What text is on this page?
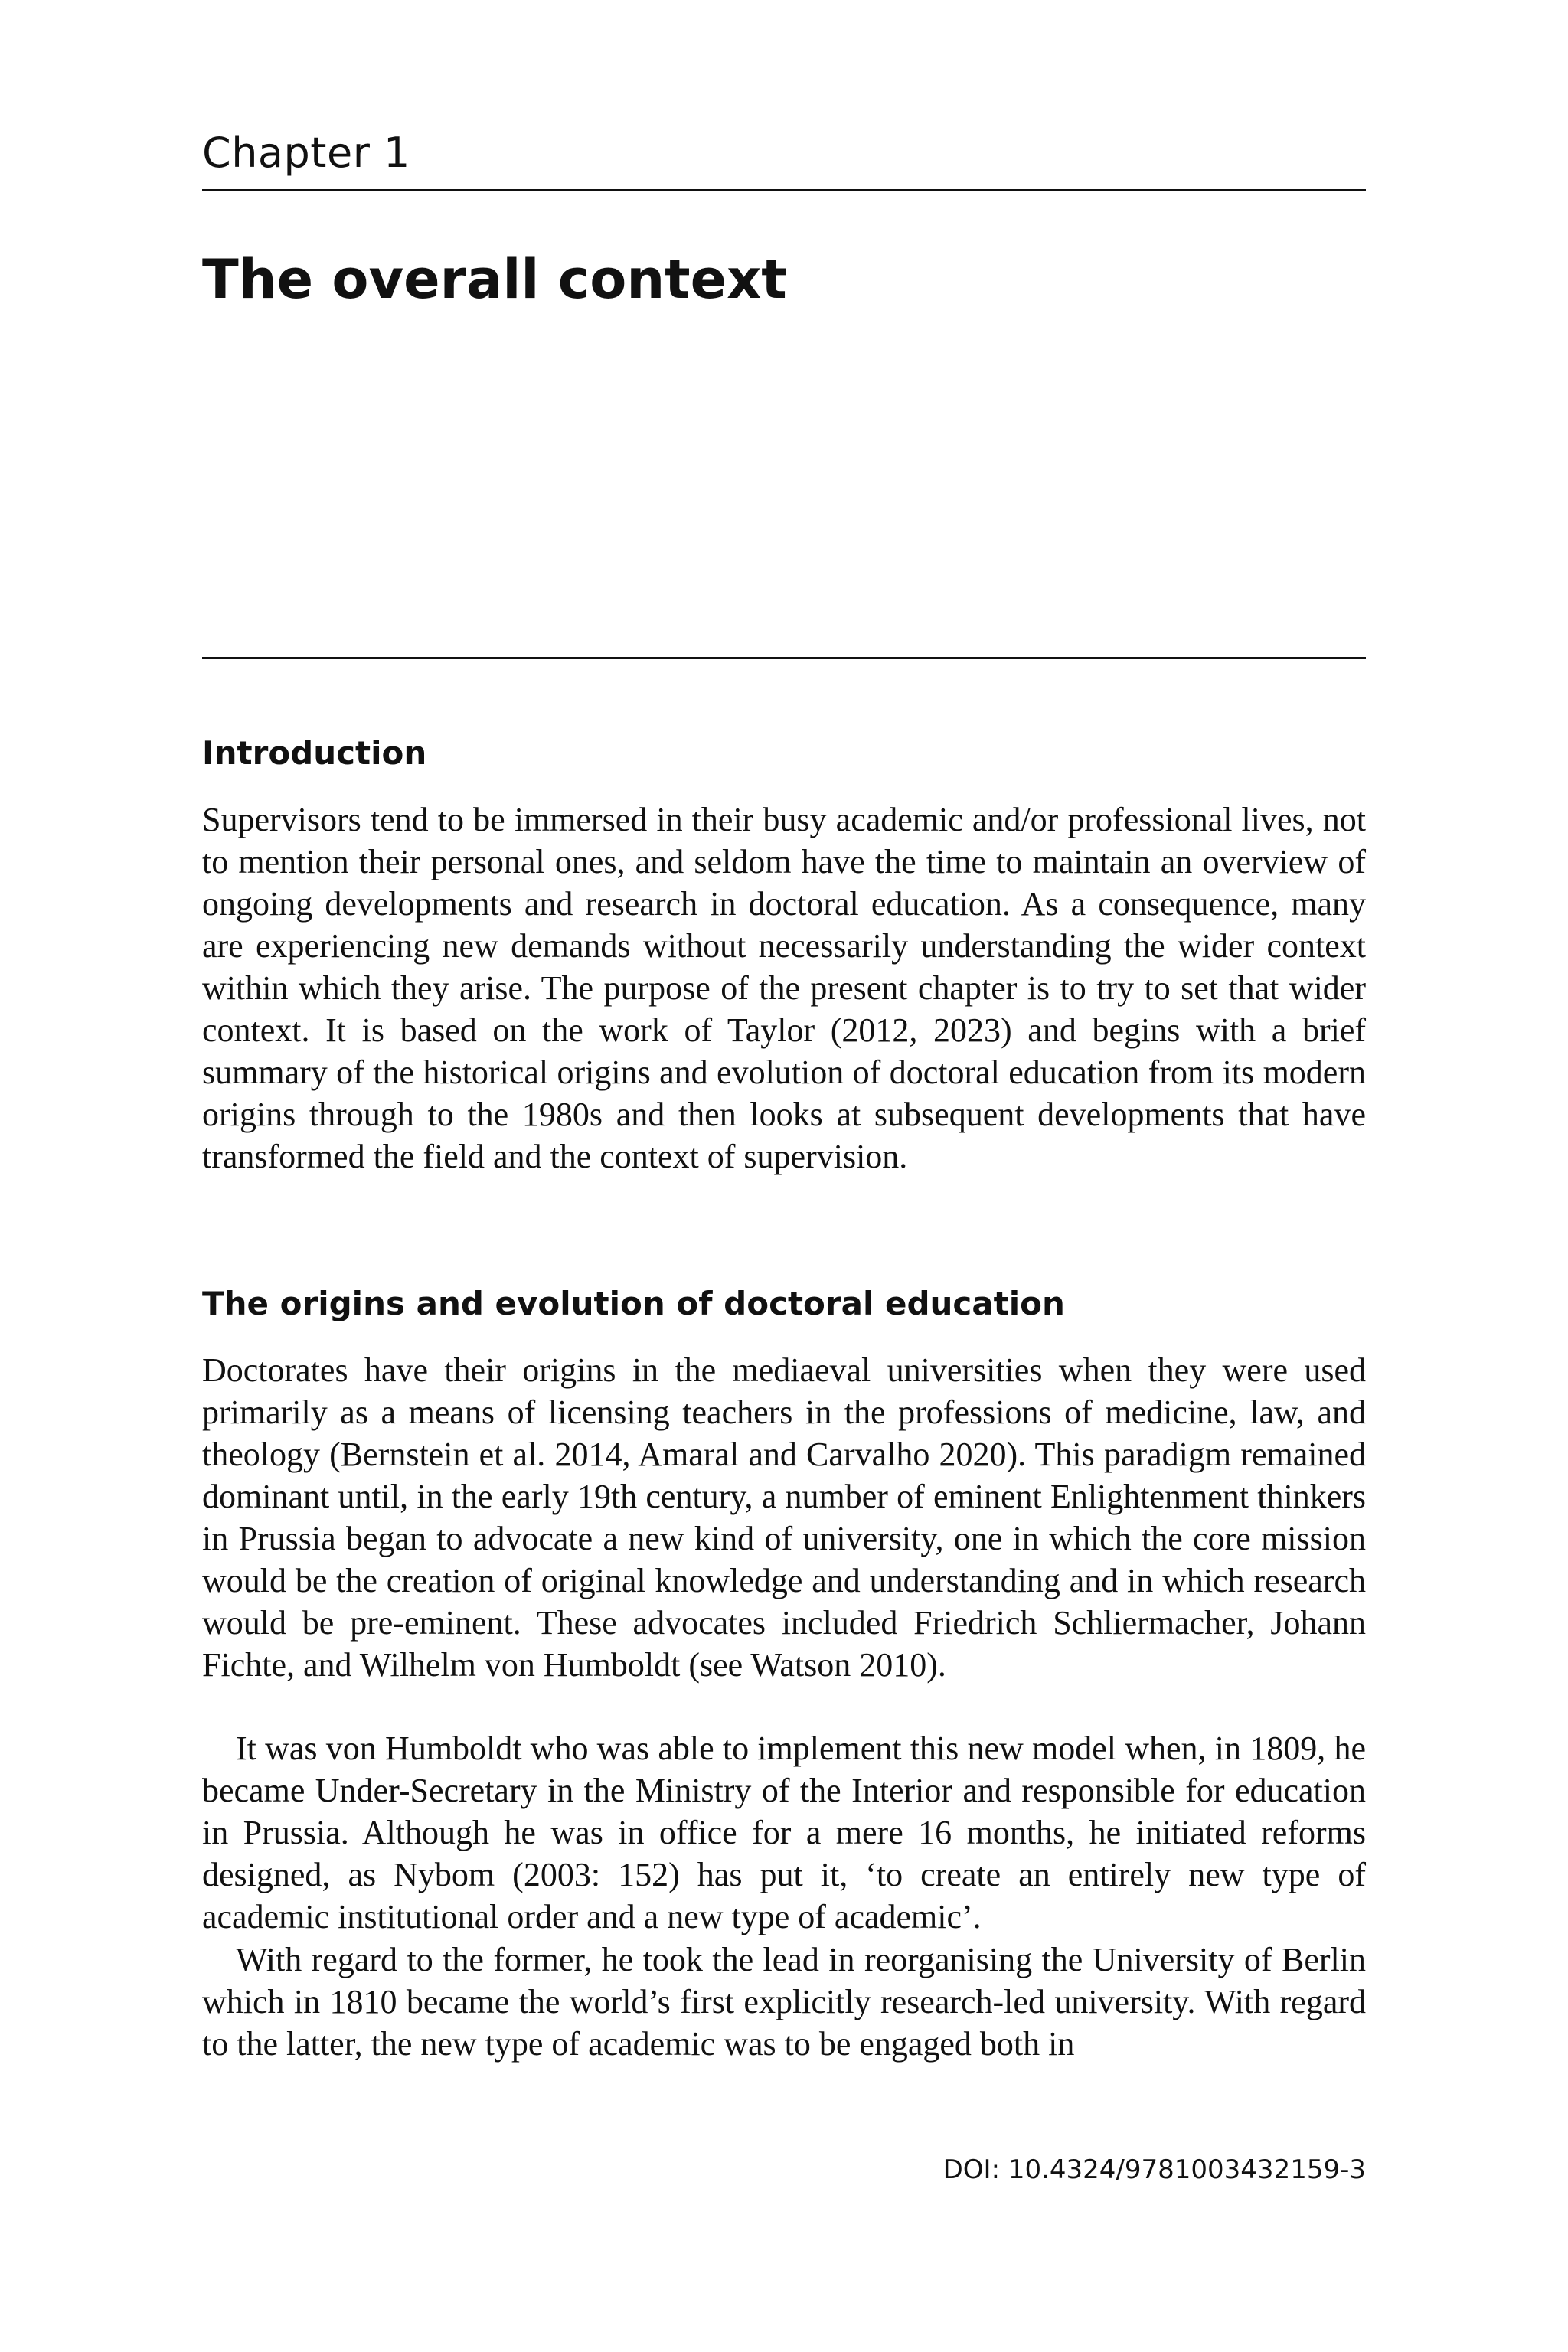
Chapter 1
The overall context
Introduction

Supervisors tend to be immersed in their busy academic and/or professional lives, not to mention their personal ones, and seldom have the time to maintain an overview of ongoing developments and research in doctoral education. As a consequence, many are experiencing new demands without necessarily understanding the wider context within which they arise. The purpose of the present chapter is to try to set that wider context. It is based on the work of Taylor (2012, 2023) and begins with a brief summary of the historical origins and evolution of doctoral education from its modern origins through to the 1980s and then looks at subsequent developments that have transformed the field and the context of supervision.

The origins and evolution of doctoral education

Doctorates have their origins in the mediaeval universities when they were used primarily as a means of licensing teachers in the professions of medicine, law, and theology (Bernstein et al. 2014, Amaral and Carvalho 2020). This paradigm remained dominant until, in the early 19th century, a number of eminent Enlightenment thinkers in Prussia began to advocate a new kind of university, one in which the core mission would be the creation of original knowledge and understanding and in which research would be pre-eminent. These advocates included Friedrich Schliermacher, Johann Fichte, and Wilhelm von Humboldt (see Watson 2010).

It was von Humboldt who was able to implement this new model when, in 1809, he became Under-Secretary in the Ministry of the Interior and responsible for education in Prussia. Although he was in office for a mere 16 months, he initiated reforms designed, as Nybom (2003: 152) has put it, ‘to create an entirely new type of academic institutional order and a new type of academic’.

With regard to the former, he took the lead in reorganising the University of Berlin which in 1810 became the world’s first explicitly research-led university. With regard to the latter, the new type of academic was to be engaged both in

DOI: 10.4324/9781003432159-3
